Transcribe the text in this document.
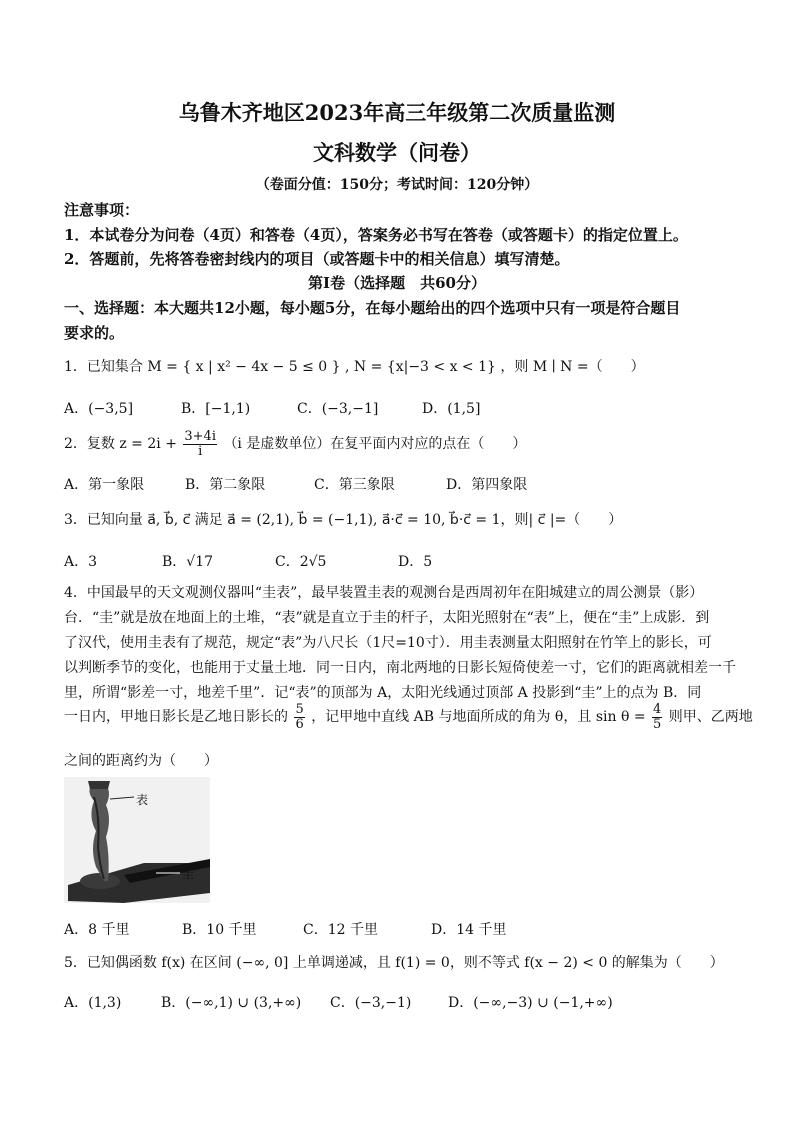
乌鲁木齐地区2023年高三年级第二次质量监测
文科数学（问卷）
（卷面分值：150分；考试时间：120分钟）
注意事项：
1．本试卷分为问卷（4页）和答卷（4页），答案务必书写在答卷（或答题卡）的指定位置上。
2．答题前，先将答卷密封线内的项目（或答题卡中的相关信息）填写清楚。
第Ⅰ卷（选择题　共60分）
一、选择题：本大题共12小题，每小题5分，在每小题给出的四个选项中只有一项是符合题目
要求的。
1．已知集合 M = { x | x² − 4x − 5 ≤ 0 } , N = {x|−3 < x < 1} ，则 M ∣ N =（　　）
A．(−3,5]	B．[−1,1)	C．(−3,−1]	D．(1,5]
2．复数 $z = 2i + \frac{3+4i}{i} (i$ 是虚数单位）在复平面内对应的点在（　　）
A．第一象限	B．第二象限	C．第三象限	D．第四象限
3．已知向量 a⃗, b⃗, c⃗ 满足 a⃗ = (2,1), b⃗ = (−1,1), a⃗·c⃗ = 10, b⃗·c⃗ = 1，则| c⃗ |=（　　）
A．3	B．√17	C．2√5	D．5
4．中国最早的天文观测仪器叫“圭表”，最早装置圭表的观测台是西周初年在阳城建立的周公测景（影）
台．“圭”就是放在地面上的土堆，“表”就是直立于圭的杆子，太阳光照射在“表”上，便在“圭”上成影．到
了汉代，使用圭表有了规范，规定“表”为八尺长（1尺=10寸）．用圭表测量太阳照射在竹竿上的影长，可
以判断季节的变化，也能用于丈量土地．同一日内，南北两地的日影长短倚使差一寸，它们的距离就相差一千
里，所谓“影差一寸，地差千里”．记“表”的顶部为 A，太阳光线通过顶部 A 投影到“圭”上的点为 B．同
一日内，甲地日影长是乙地日影长的 $\frac{5}{6}$ ，记甲地中直线 AB 与地面所成的角为 θ，且 $\sin \theta = \frac{4}{5}$ 则甲、乙两地
之间的距离约为（　　）
表
圭
A．8 千里	B．10 千里	C．12 千里	D．14 千里
5．已知偶函数 f(x) 在区间 (−∞, 0] 上单调递减，且 f(1) = 0，则不等式 f(x − 2) < 0 的解集为（　　）
A．(1,3)	B．(−∞,1) ∪ (3,+∞) C．(−3,−1)	D．(−∞,−3) ∪ (−1,+∞)
